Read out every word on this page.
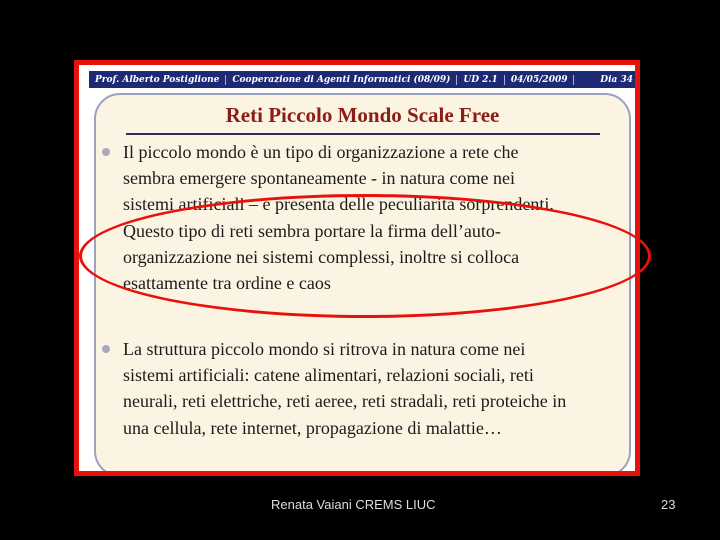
Prof. Alberto Postiglione	Cooperazione di Agenti Informatici (08/09)	UD 2.1	04/05/2009	Dia 34
Reti Piccolo Mondo Scale Free
Il piccolo mondo è un tipo di organizzazione a rete che
sembra emergere spontaneamente - in natura come nei
sistemi artificiali – e presenta delle peculiarità sorprendenti.
Questo tipo di reti sembra portare la firma dell’auto-
organizzazione nei sistemi complessi, inoltre si colloca
esattamente tra ordine e caos
La struttura piccolo mondo si ritrova in natura come nei
sistemi artificiali: catene alimentari, relazioni sociali, reti
neurali, reti elettriche, reti aeree, reti stradali, reti proteiche in
una cellula, rete internet, propagazione di malattie…
Renata Vaiani CREMS LIUC	23
